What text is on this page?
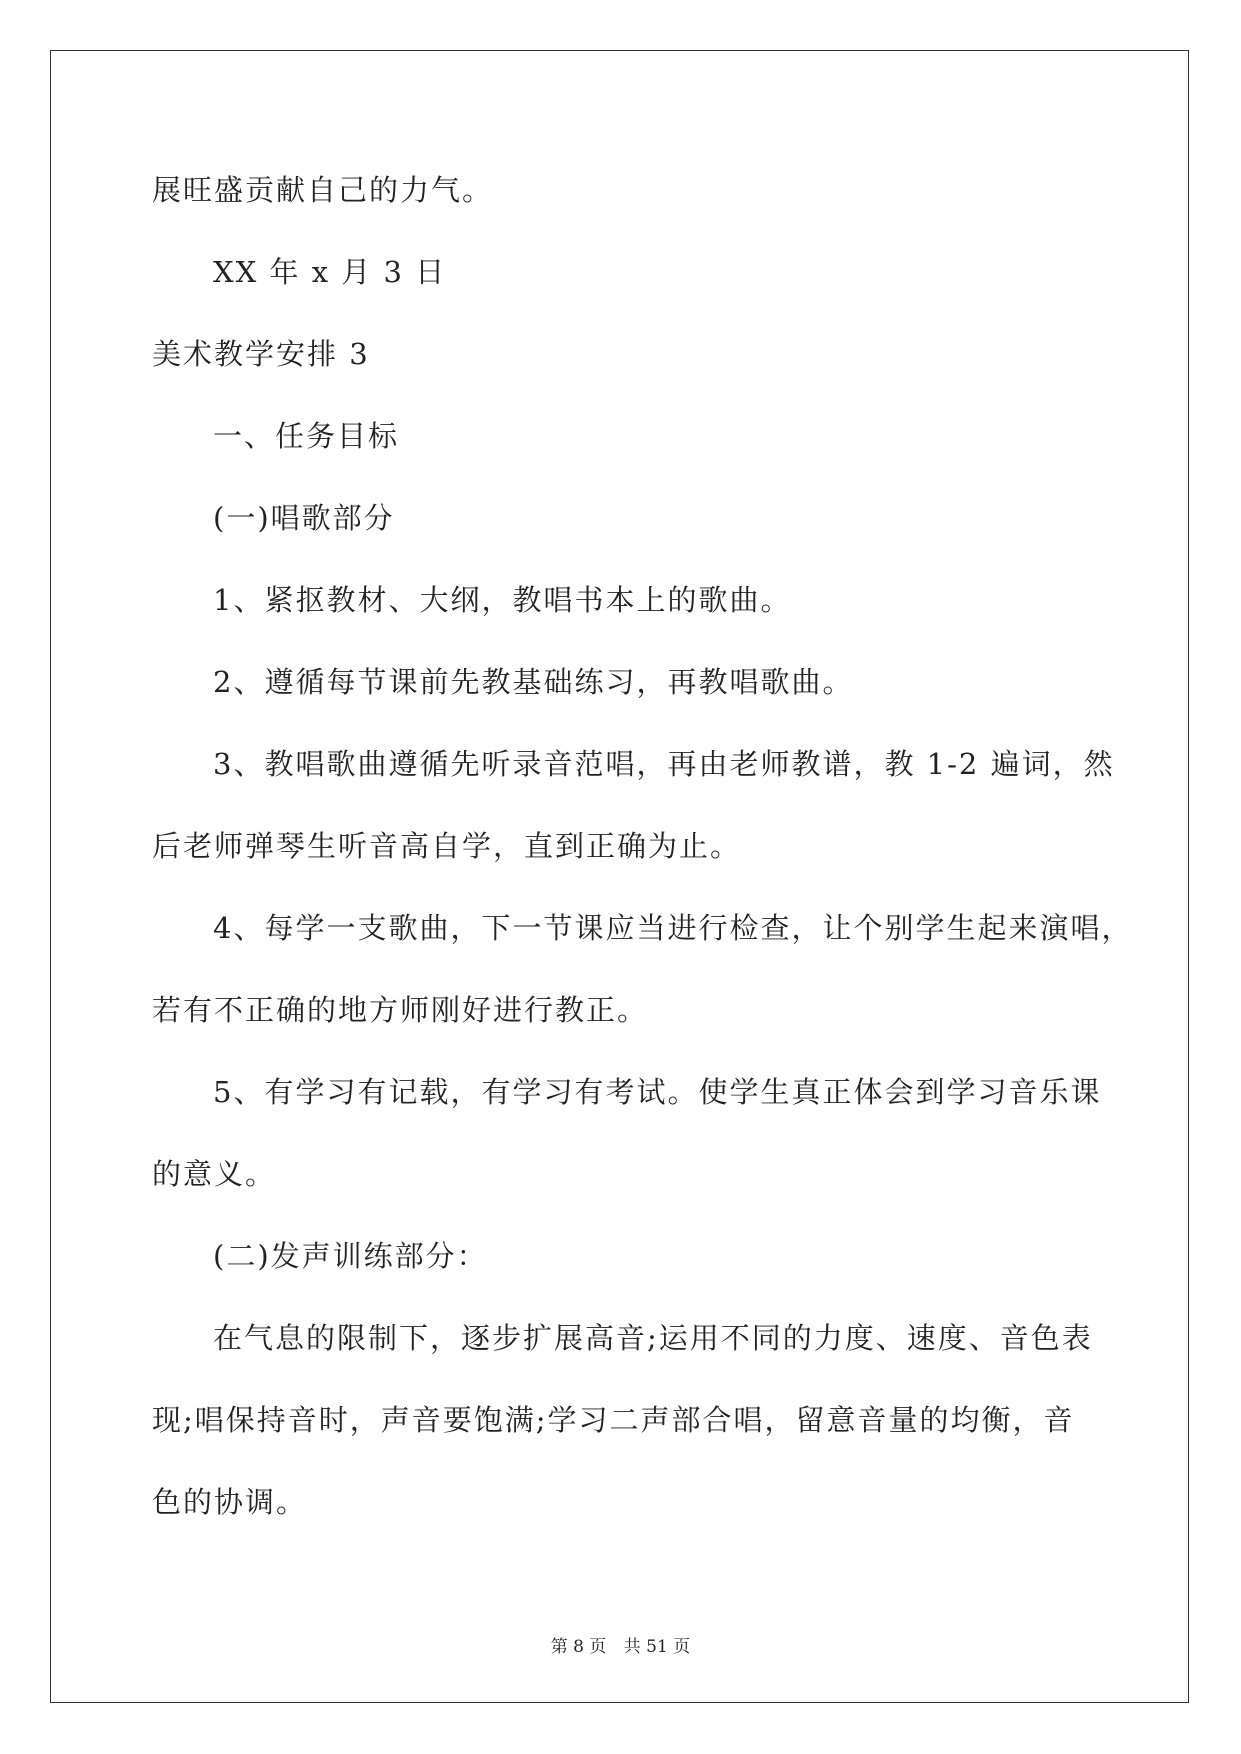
展旺盛贡献自己的力气。
XX 年 x 月 3 日
美术教学安排 3
一、任务目标
(一)唱歌部分
1、紧抠教材、大纲，教唱书本上的歌曲。
2、遵循每节课前先教基础练习，再教唱歌曲。
3、教唱歌曲遵循先听录音范唱，再由老师教谱，教 1-2 遍词，然
后老师弹琴生听音高自学，直到正确为止。
4、每学一支歌曲，下一节课应当进行检查，让个别学生起来演唱，
若有不正确的地方师刚好进行教正。
5、有学习有记载，有学习有考试。使学生真正体会到学习音乐课
的意义。
(二)发声训练部分：
在气息的限制下，逐步扩展高音;运用不同的力度、速度、音色表
现;唱保持音时，声音要饱满;学习二声部合唱，留意音量的均衡，音
色的协调。
第 8 页 共 51 页
